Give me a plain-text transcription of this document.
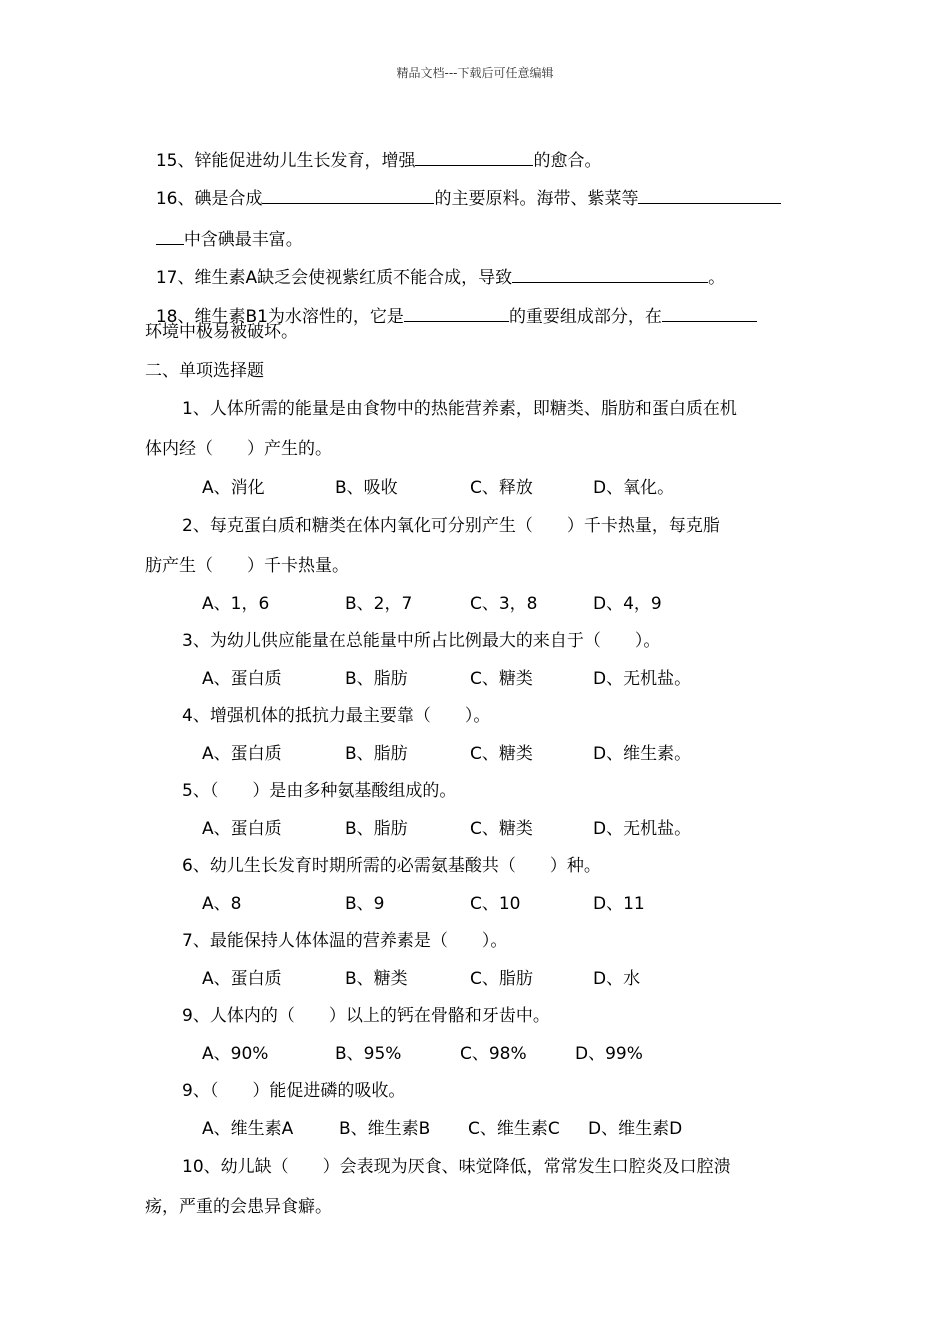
精品文档---下载后可任意编辑

15、锌能促进幼儿生长发育，增强	的愈合。

16、碘是合成	的主要原料。海带、紫菜等

中含碘最丰富。

17、维生素A缺乏会使视紫红质不能合成，导致	。

18、维生素B1为水溶性的，它是	的重要组成部分，在

环境中极易被破坏。
二、单项选择题
1、人体所需的能量是由食物中的热能营养素，即糖类、脂肪和蛋白质在机
体内经（　　）产生的。

A、消化

	B、吸收

	C、释放

	D、氧化。

2、每克蛋白质和糖类在体内氧化可分别产生（　　）千卡热量，每克脂
肪产生（　　）千卡热量。

A、1，6

	B、2，7

	C、3，8

	D、4，9

3、为幼儿供应能量在总能量中所占比例最大的来自于（　　）。

A、蛋白质

	B、脂肪

	C、糖类

	D、无机盐。

4、增强机体的抵抗力最主要靠（　　）。

A、蛋白质

	B、脂肪

	C、糖类

	D、维生素。

5、（　　）是由多种氨基酸组成的。

A、蛋白质

	B、脂肪

	C、糖类

	D、无机盐。

6、幼儿生长发育时期所需的必需氨基酸共（　　）种。

A、8

	B、9

	C、10

	D、11

7、最能保持人体体温的营养素是（　　）。

A、蛋白质

	B、糖类

	C、脂肪

	D、水

9、人体内的（　　）以上的钙在骨骼和牙齿中。

A、90%

	B、95%

	C、98%

	D、99%

9、（　　）能促进磷的吸收。

A、维生素A

	B、维生素B

C、维生素C

D、维生素D

10、幼儿缺（　　）会表现为厌食、味觉降低，常常发生口腔炎及口腔溃
疡，严重的会患异食癖。
